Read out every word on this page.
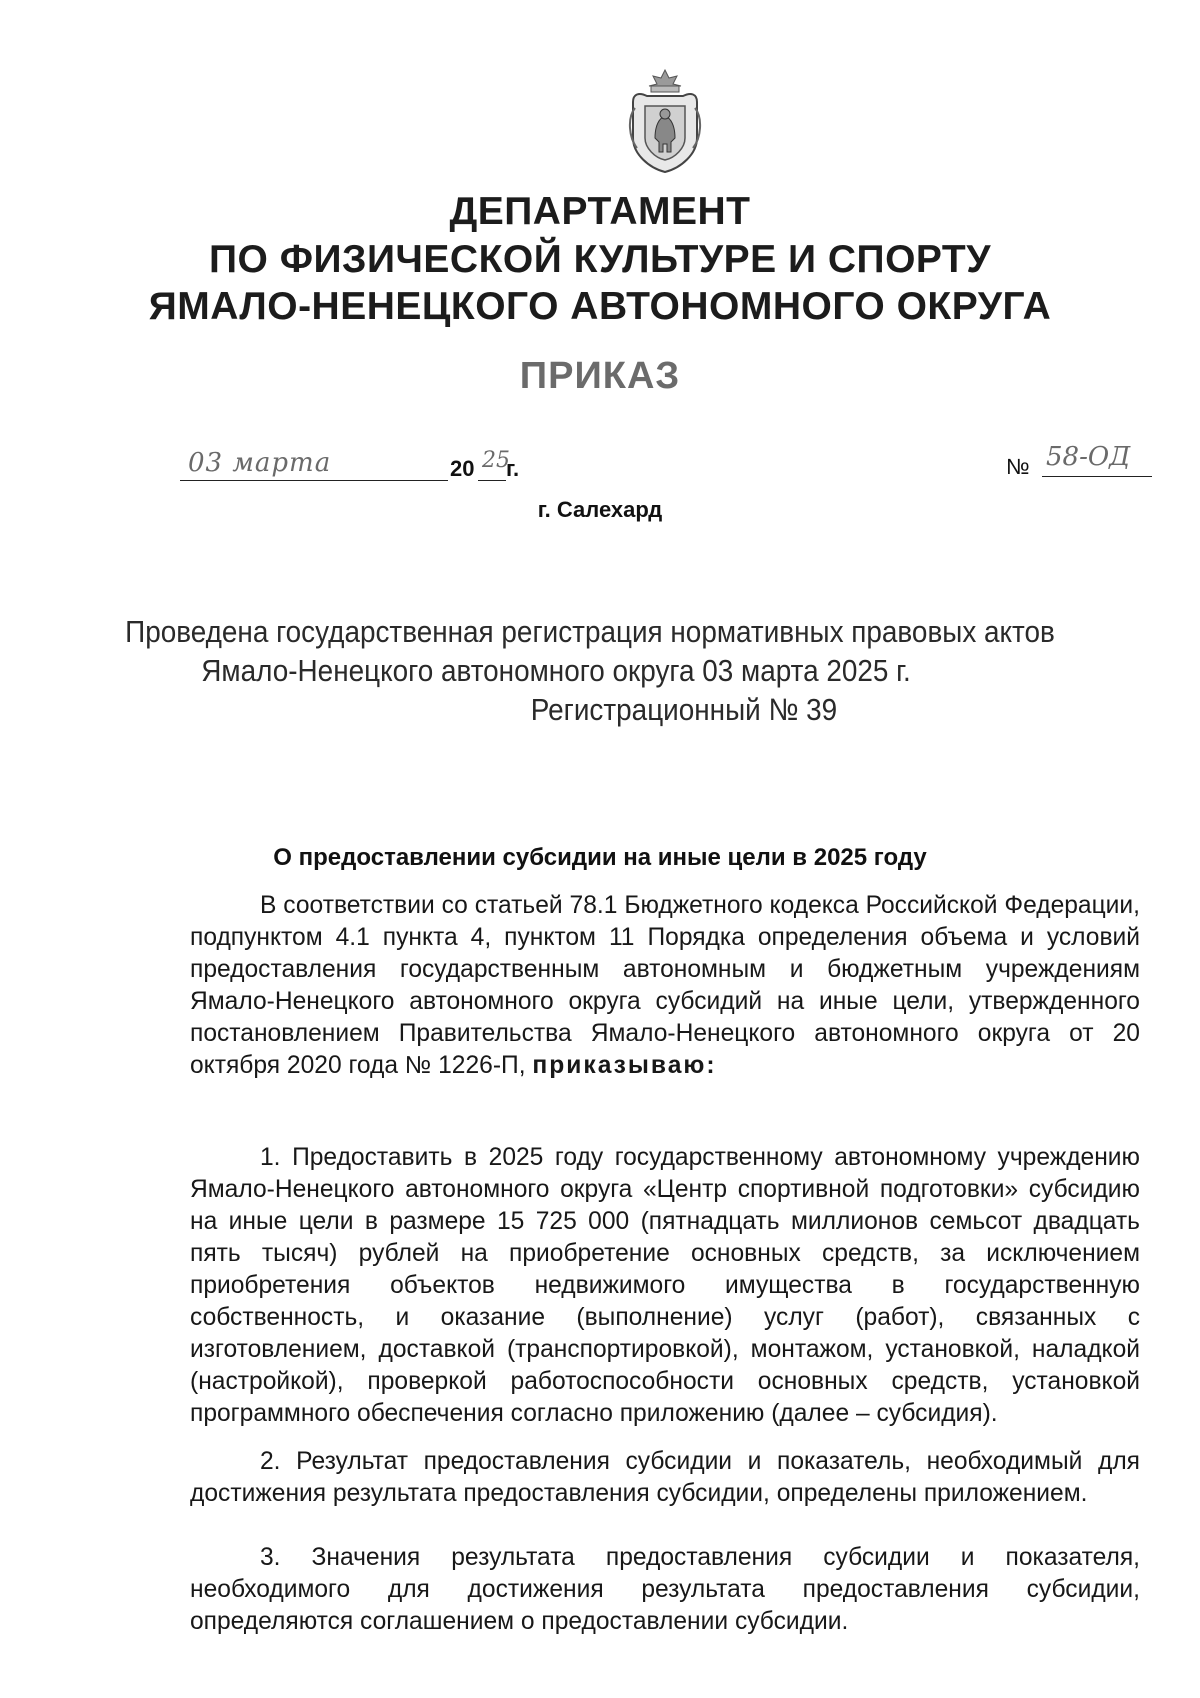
ДЕПАРТАМЕНТ
ПО ФИЗИЧЕСКОЙ КУЛЬТУРЕ И СПОРТУ
ЯМАЛО-НЕНЕЦКОГО АВТОНОМНОГО ОКРУГА
ПРИКАЗ
03 марта	20 25
г.	№ 58-ОД
г. Салехард
Проведена государственная регистрация нормативных правовых актов
Ямало-Ненецкого автономного округа 03 марта 2025 г.
Регистрационный № 39
О предоставлении субсидии на иные цели в 2025 году
В соответствии со статьей 78.1 Бюджетного кодекса Российской Федерации, подпунктом 4.1 пункта 4, пунктом 11 Порядка определения объема и условий предоставления государственным автономным и бюджетным учреждениям Ямало-Ненецкого автономного округа субсидий на иные цели, утвержденного постановлением Правительства Ямало-Ненецкого автономного округа от 20 октября 2020 года № 1226-П, приказываю:
1. Предоставить в 2025 году государственному автономному учреждению Ямало-Ненецкого автономного округа «Центр спортивной подготовки» субсидию на иные цели в размере 15 725 000 (пятнадцать миллионов семьсот двадцать пять тысяч) рублей на приобретение основных средств, за исключением приобретения объектов недвижимого имущества в государственную собственность, и оказание (выполнение) услуг (работ), связанных с изготовлением, доставкой (транспортировкой), монтажом, установкой, наладкой (настройкой), проверкой работоспособности основных средств, установкой программного обеспечения согласно приложению (далее – субсидия).
2. Результат предоставления субсидии и показатель, необходимый для достижения результата предоставления субсидии, определены приложением.
3. Значения результата предоставления субсидии и показателя, необходимого для достижения результата предоставления субсидии, определяются соглашением о предоставлении субсидии.
